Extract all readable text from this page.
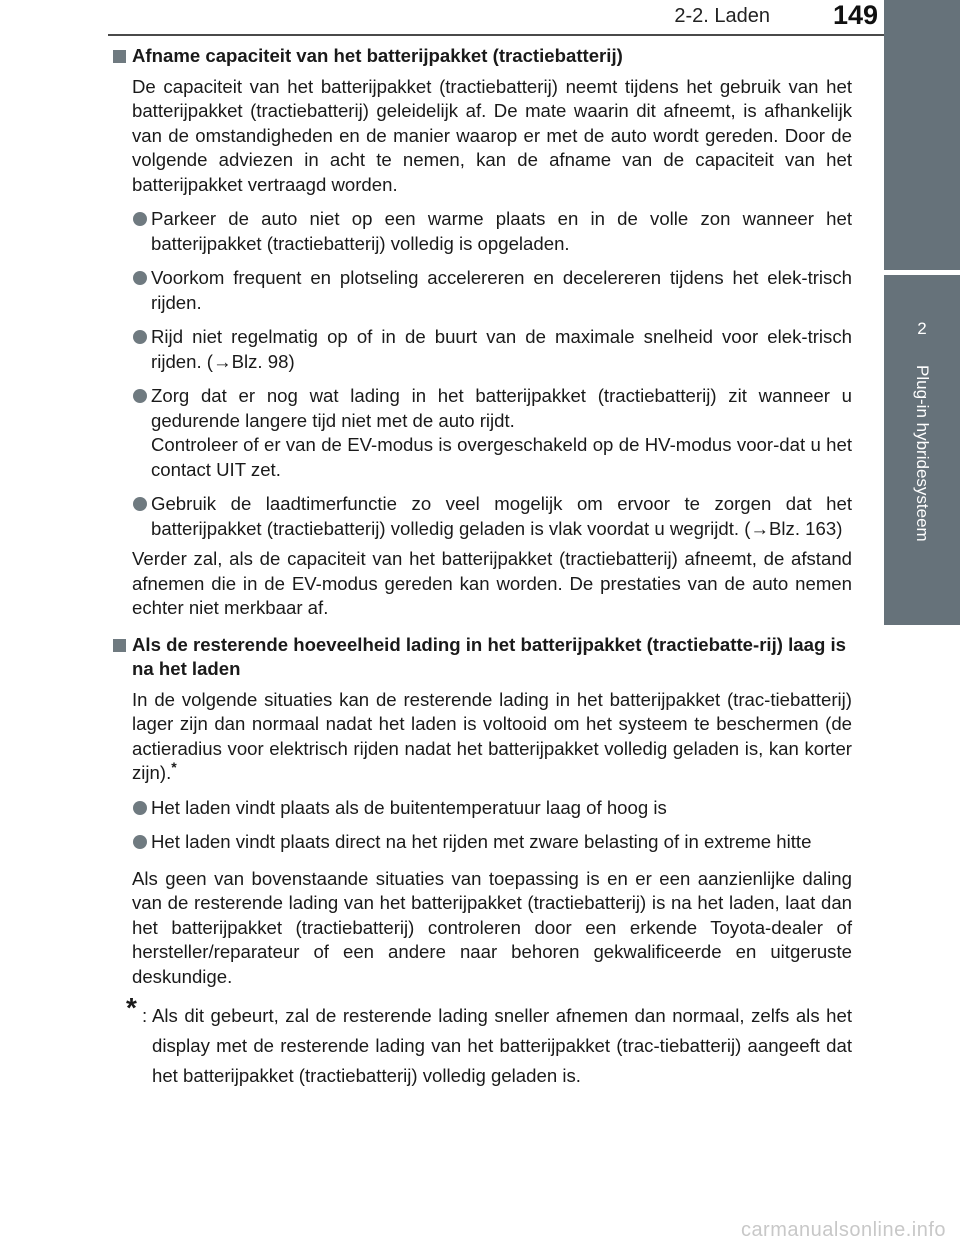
2-2. Laden 149
2
Plug-in hybridesysteem
Afname capaciteit van het batterijpakket (tractiebatterij)
De capaciteit van het batterijpakket (tractiebatterij) neemt tijdens het gebruik van het batterijpakket (tractiebatterij) geleidelijk af. De mate waarin dit afneemt, is afhankelijk van de omstandigheden en de manier waarop er met de auto wordt gereden. Door de volgende adviezen in acht te nemen, kan de afname van de capaciteit van het batterijpakket vertraagd worden.
Parkeer de auto niet op een warme plaats en in de volle zon wanneer het batterijpakket (tractiebatterij) volledig is opgeladen.
Voorkom frequent en plotseling accelereren en decelereren tijdens het elek-trisch rijden.
Rijd niet regelmatig op of in de buurt van de maximale snelheid voor elek-trisch rijden. (→Blz. 98)
Zorg dat er nog wat lading in het batterijpakket (tractiebatterij) zit wanneer u gedurende langere tijd niet met de auto rijdt.
Controleer of er van de EV-modus is overgeschakeld op de HV-modus voor-dat u het contact UIT zet.
Gebruik de laadtimerfunctie zo veel mogelijk om ervoor te zorgen dat het batterijpakket (tractiebatterij) volledig geladen is vlak voordat u wegrijdt. (→Blz. 163)
Verder zal, als de capaciteit van het batterijpakket (tractiebatterij) afneemt, de afstand afnemen die in de EV-modus gereden kan worden. De prestaties van de auto nemen echter niet merkbaar af.
Als de resterende hoeveelheid lading in het batterijpakket (tractiebatte-rij) laag is na het laden
In de volgende situaties kan de resterende lading in het batterijpakket (trac-tiebatterij) lager zijn dan normaal nadat het laden is voltooid om het systeem te beschermen (de actieradius voor elektrisch rijden nadat het batterijpakket volledig geladen is, kan korter zijn).*
Het laden vindt plaats als de buitentemperatuur laag of hoog is
Het laden vindt plaats direct na het rijden met zware belasting of in extreme hitte
Als geen van bovenstaande situaties van toepassing is en er een aanzienlijke daling van de resterende lading van het batterijpakket (tractiebatterij) is na het laden, laat dan het batterijpakket (tractiebatterij) controleren door een erkende Toyota-dealer of hersteller/reparateur of een andere naar behoren gekwalificeerde en uitgeruste deskundige.
* : Als dit gebeurt, zal de resterende lading sneller afnemen dan normaal, zelfs als het display met de resterende lading van het batterijpakket (trac-tiebatterij) aangeeft dat het batterijpakket (tractiebatterij) volledig geladen is.
carmanualsonline.info
